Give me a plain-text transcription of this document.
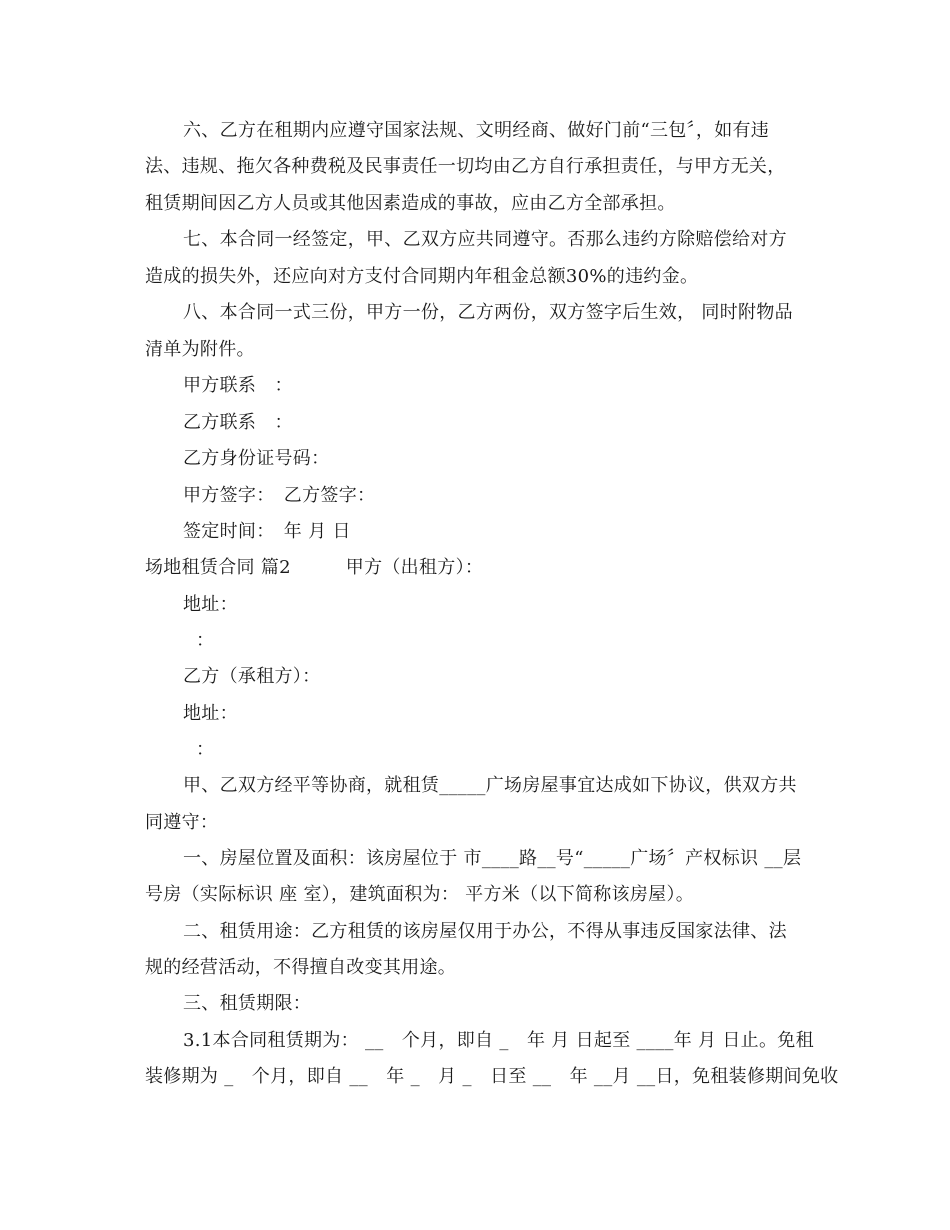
六、乙方在租期内应遵守国家法规、文明经商、做好门前“三包〞，如有违
法、违规、拖欠各种费税及民事责任一切均由乙方自行承担责任，与甲方无关，
租赁期间因乙方人员或其他因素造成的事故，应由乙方全部承担。
七、本合同一经签定，甲、乙双方应共同遵守。否那么违约方除赔偿给对方
造成的损失外，还应向对方支付合同期内年租金总额30%的违约金。
八、本合同一式三份，甲方一份，乙方两份，双方签字后生效， 同时附物品
清单为附件。
甲方联系　：
乙方联系　：
乙方身份证号码：
甲方签字：　乙方签字：
签定时间：　年 月 日
场地租赁合同 篇2　　　甲方（出租方）：
地址：
：
乙方（承租方）：
地址：
：
甲、乙双方经平等协商，就租赁_____广场房屋事宜达成如下协议，供双方共
同遵守：
一、房屋位置及面积：该房屋位于 市____路__号“_____广场〞产权标识 __层
号房（实际标识 座 室），建筑面积为： 平方米（以下简称该房屋）。
二、租赁用途：乙方租赁的该房屋仅用于办公，不得从事违反国家法律、法
规的经营活动，不得擅自改变其用途。
三、租赁期限：
3.1本合同租赁期为： __　个月，即自 _　年 月 日起至 ____年 月 日止。免租
装修期为 _　个月，即自 __　年 _　月 _　日至 __　年 __月 __日，免租装修期间免收
